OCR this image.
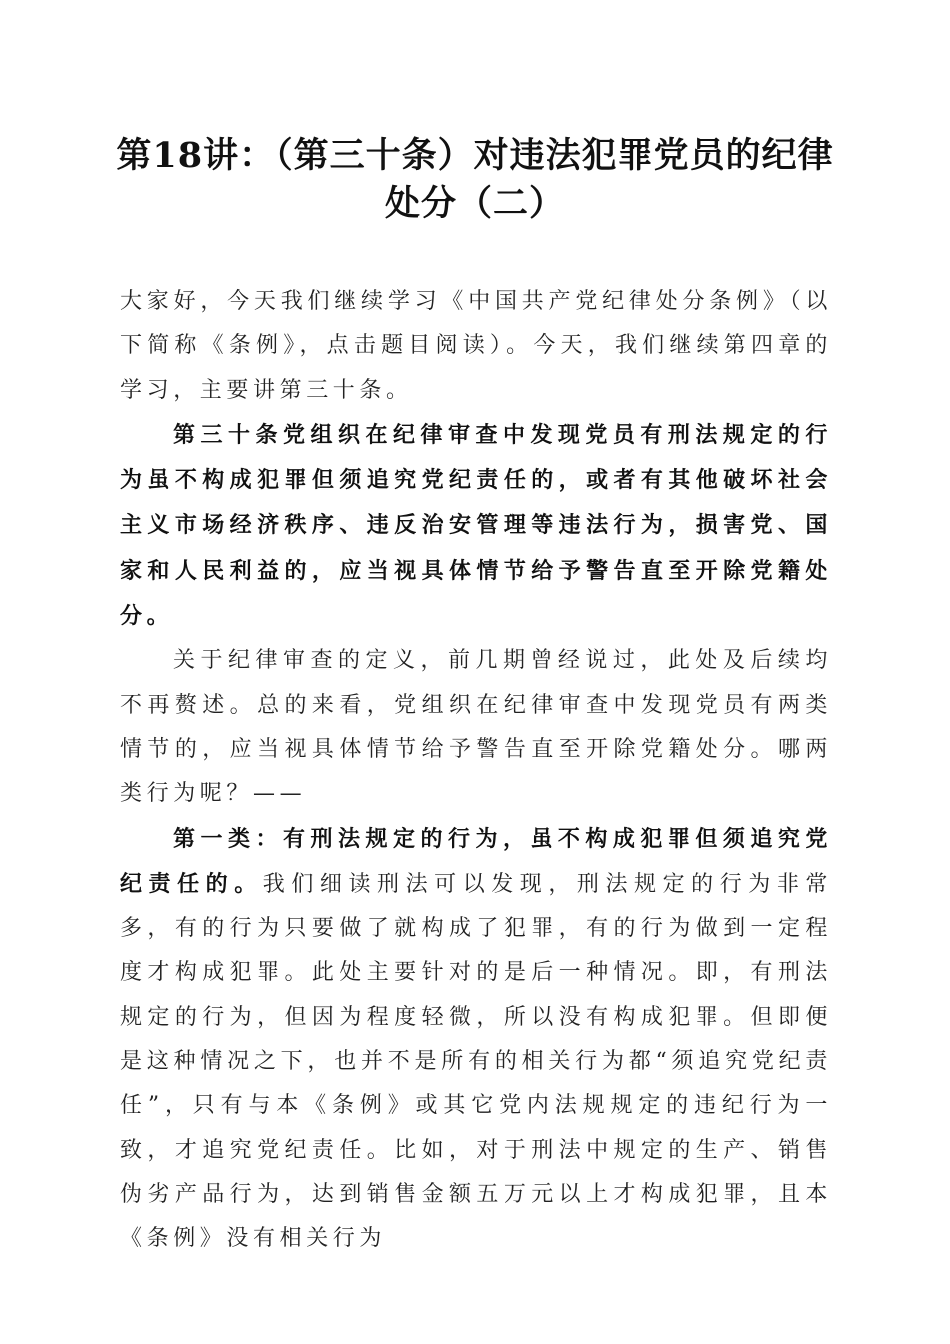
第18讲：（第三十条）对违法犯罪党员的纪律处分（二）

大家好，今天我们继续学习《中国共产党纪律处分条例》（以下简称《条例》，点击题目阅读）。今天，我们继续第四章的学习，主要讲第三十条。

第三十条党组织在纪律审查中发现党员有刑法规定的行为虽不构成犯罪但须追究党纪责任的，或者有其他破坏社会主义市场经济秩序、违反治安管理等违法行为，损害党、国家和人民利益的，应当视具体情节给予警告直至开除党籍处分。

关于纪律审查的定义，前几期曾经说过，此处及后续均不再赘述。总的来看，党组织在纪律审查中发现党员有两类情节的，应当视具体情节给予警告直至开除党籍处分。哪两类行为呢？——

第一类：有刑法规定的行为，虽不构成犯罪但须追究党纪责任的。我们细读刑法可以发现，刑法规定的行为非常多，有的行为只要做了就构成了犯罪，有的行为做到一定程度才构成犯罪。此处主要针对的是后一种情况。即，有刑法规定的行为，但因为程度轻微，所以没有构成犯罪。但即便是这种情况之下，也并不是所有的相关行为都“须追究党纪责任”，只有与本《条例》或其它党内法规规定的违纪行为一致，才追究党纪责任。比如，对于刑法中规定的生产、销售伪劣产品行为，达到销售金额五万元以上才构成犯罪，且本《条例》没有相关行为
